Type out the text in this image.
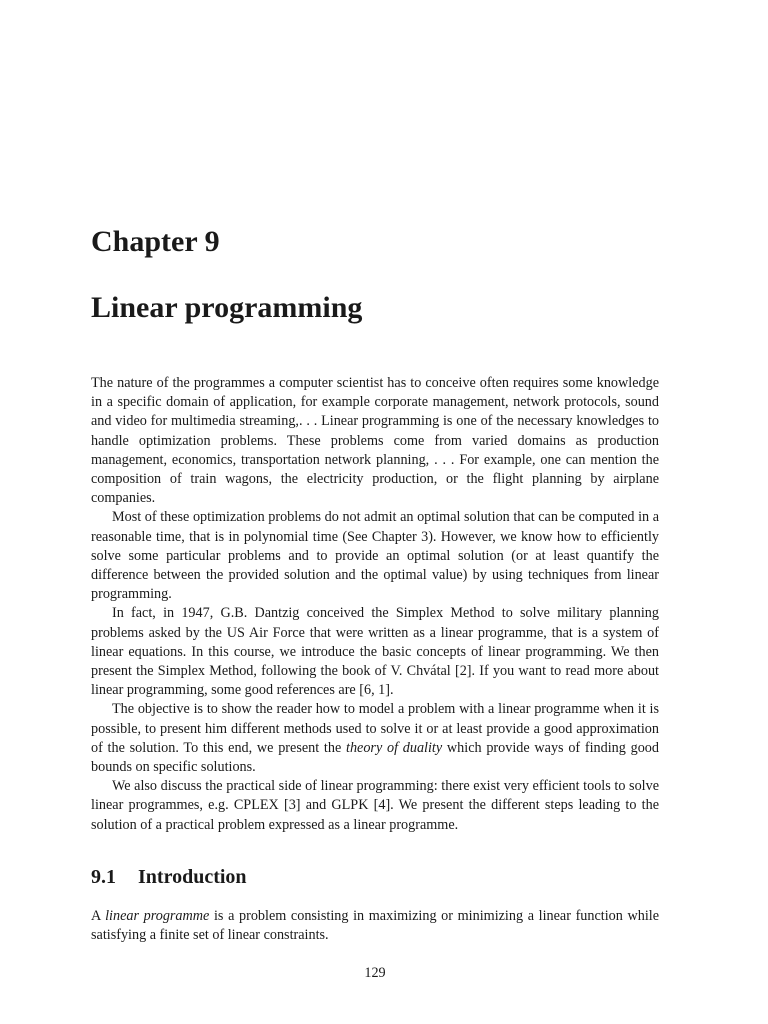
Chapter 9
Linear programming

The nature of the programmes a computer scientist has to conceive often requires some knowledge in a specific domain of application, for example corporate management, network protocols, sound and video for multimedia streaming,. . . Linear programming is one of the necessary knowledges to handle optimization problems. These problems come from varied domains as production management, economics, transportation network planning, . . . For example, one can mention the composition of train wagons, the electricity production, or the flight planning by airplane companies.

Most of these optimization problems do not admit an optimal solution that can be computed in a reasonable time, that is in polynomial time (See Chapter 3). However, we know how to efficiently solve some particular problems and to provide an optimal solution (or at least quantify the difference between the provided solution and the optimal value) by using techniques from linear programming.

In fact, in 1947, G.B. Dantzig conceived the Simplex Method to solve military planning problems asked by the US Air Force that were written as a linear programme, that is a system of linear equations. In this course, we introduce the basic concepts of linear programming. We then present the Simplex Method, following the book of V. Chvátal [2]. If you want to read more about linear programming, some good references are [6, 1].

The objective is to show the reader how to model a problem with a linear programme when it is possible, to present him different methods used to solve it or at least provide a good approximation of the solution. To this end, we present the theory of duality which provide ways of finding good bounds on specific solutions.

We also discuss the practical side of linear programming: there exist very efficient tools to solve linear programmes, e.g. CPLEX [3] and GLPK [4]. We present the different steps leading to the solution of a practical problem expressed as a linear programme.

9.1 Introduction

A linear programme is a problem consisting in maximizing or minimizing a linear function while satisfying a finite set of linear constraints.

129
